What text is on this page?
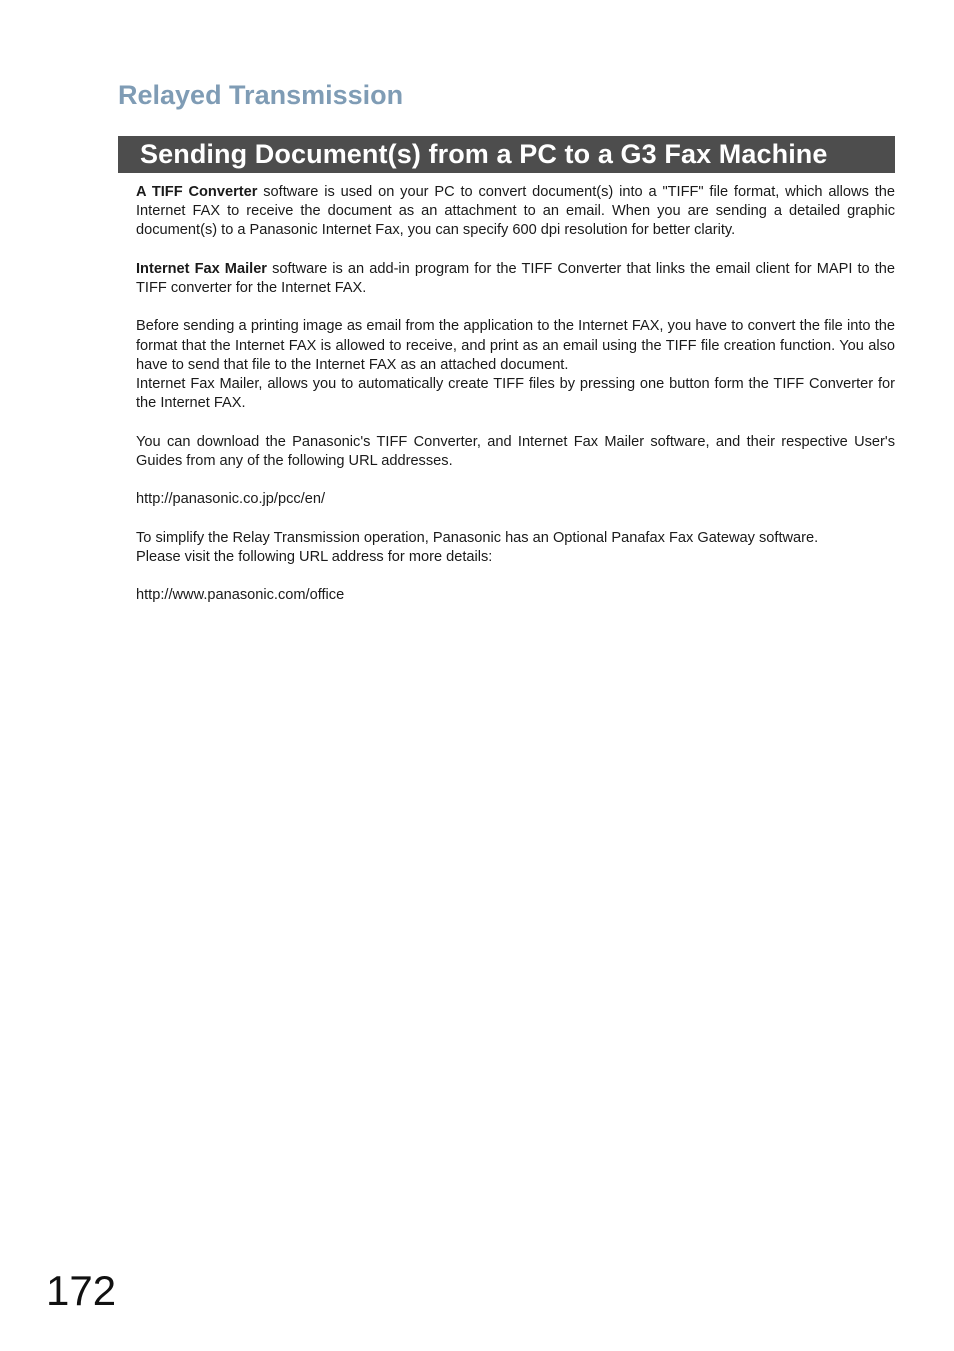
Relayed Transmission
Sending Document(s) from a PC to a G3 Fax Machine

A TIFF Converter software is used on your PC to convert document(s) into a "TIFF" file format, which allows the Internet FAX to receive the document as an attachment to an email. When you are sending a detailed graphic document(s) to a Panasonic Internet Fax, you can specify 600 dpi resolution for better clarity.

Internet Fax Mailer software is an add-in program for the TIFF Converter that links the email client for MAPI to the TIFF converter for the Internet FAX.

Before sending a printing image as email from the application to the Internet FAX, you have to convert the file into the format that the Internet FAX is allowed to receive, and print as an email using the TIFF file creation function. You also have to send that file to the Internet FAX as an attached document.

Internet Fax Mailer, allows you to automatically create TIFF files by pressing one button form the TIFF Converter for the Internet FAX.

You can download the Panasonic's TIFF Converter, and Internet Fax Mailer software, and their respective User's Guides from any of the following URL addresses.

http://panasonic.co.jp/pcc/en/

To simplify the Relay Transmission operation, Panasonic has an Optional Panafax Fax Gateway software.

Please visit the following URL address for more details:

http://www.panasonic.com/office

172
